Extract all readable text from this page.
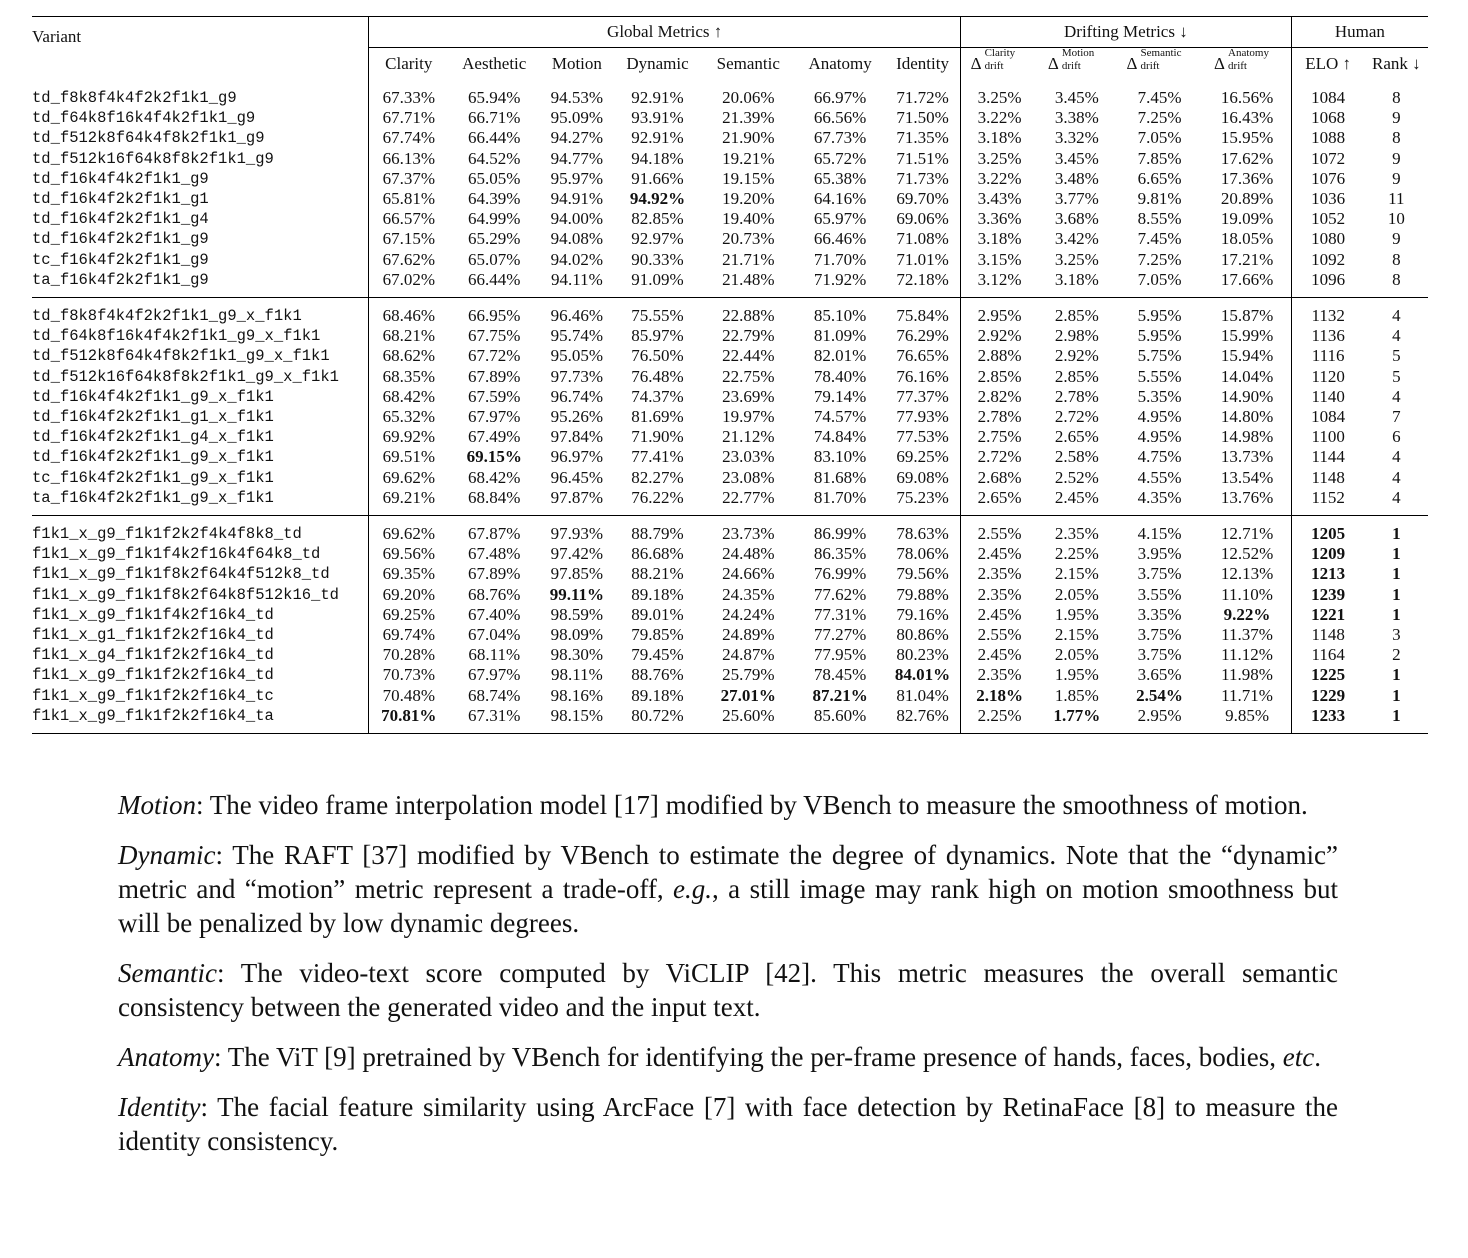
Variant	Global Metrics ↑							Drifting Metrics ↓				Human	
	Clarity	Aesthetic	Motion	Dynamic	Semantic	Anatomy	Identity	Δ
Clarity
drift	Δ
Motion
drift	Δ
Semantic
drift	Δ
Anatomy
drift	ELO ↑	Rank ↓
td_f8k8f4k4f2k2f1k1_g9	67.33%	65.94%	94.53%	92.91%	20.06%	66.97%	71.72%	3.25%	3.45%	7.45%	16.56%	1084	8
td_f64k8f16k4f4k2f1k1_g9	67.71%	66.71%	95.09%	93.91%	21.39%	66.56%	71.50%	3.22%	3.38%	7.25%	16.43%	1068	9
td_f512k8f64k4f8k2f1k1_g9	67.74%	66.44%	94.27%	92.91%	21.90%	67.73%	71.35%	3.18%	3.32%	7.05%	15.95%	1088	8
td_f512k16f64k8f8k2f1k1_g9	66.13%	64.52%	94.77%	94.18%	19.21%	65.72%	71.51%	3.25%	3.45%	7.85%	17.62%	1072	9
td_f16k4f4k2f1k1_g9	67.37%	65.05%	95.97%	91.66%	19.15%	65.38%	71.73%	3.22%	3.48%	6.65%	17.36%	1076	9
td_f16k4f2k2f1k1_g1	65.81%	64.39%	94.91%	94.92%	19.20%	64.16%	69.70%	3.43%	3.77%	9.81%	20.89%	1036	11
td_f16k4f2k2f1k1_g4	66.57%	64.99%	94.00%	82.85%	19.40%	65.97%	69.06%	3.36%	3.68%	8.55%	19.09%	1052	10
td_f16k4f2k2f1k1_g9	67.15%	65.29%	94.08%	92.97%	20.73%	66.46%	71.08%	3.18%	3.42%	7.45%	18.05%	1080	9
tc_f16k4f2k2f1k1_g9	67.62%	65.07%	94.02%	90.33%	21.71%	71.70%	71.01%	3.15%	3.25%	7.25%	17.21%	1092	8
ta_f16k4f2k2f1k1_g9	67.02%	66.44%	94.11%	91.09%	21.48%	71.92%	72.18%	3.12%	3.18%	7.05%	17.66%	1096	8
td_f8k8f4k4f2k2f1k1_g9_x_f1k1	68.46%	66.95%	96.46%	75.55%	22.88%	85.10%	75.84%	2.95%	2.85%	5.95%	15.87%	1132	4
td_f64k8f16k4f4k2f1k1_g9_x_f1k1	68.21%	67.75%	95.74%	85.97%	22.79%	81.09%	76.29%	2.92%	2.98%	5.95%	15.99%	1136	4
td_f512k8f64k4f8k2f1k1_g9_x_f1k1	68.62%	67.72%	95.05%	76.50%	22.44%	82.01%	76.65%	2.88%	2.92%	5.75%	15.94%	1116	5
td_f512k16f64k8f8k2f1k1_g9_x_f1k1	68.35%	67.89%	97.73%	76.48%	22.75%	78.40%	76.16%	2.85%	2.85%	5.55%	14.04%	1120	5
td_f16k4f4k2f1k1_g9_x_f1k1	68.42%	67.59%	96.74%	74.37%	23.69%	79.14%	77.37%	2.82%	2.78%	5.35%	14.90%	1140	4
td_f16k4f2k2f1k1_g1_x_f1k1	65.32%	67.97%	95.26%	81.69%	19.97%	74.57%	77.93%	2.78%	2.72%	4.95%	14.80%	1084	7
td_f16k4f2k2f1k1_g4_x_f1k1	69.92%	67.49%	97.84%	71.90%	21.12%	74.84%	77.53%	2.75%	2.65%	4.95%	14.98%	1100	6
td_f16k4f2k2f1k1_g9_x_f1k1	69.51%	69.15%	96.97%	77.41%	23.03%	83.10%	69.25%	2.72%	2.58%	4.75%	13.73%	1144	4
tc_f16k4f2k2f1k1_g9_x_f1k1	69.62%	68.42%	96.45%	82.27%	23.08%	81.68%	69.08%	2.68%	2.52%	4.55%	13.54%	1148	4
ta_f16k4f2k2f1k1_g9_x_f1k1	69.21%	68.84%	97.87%	76.22%	22.77%	81.70%	75.23%	2.65%	2.45%	4.35%	13.76%	1152	4
f1k1_x_g9_f1k1f2k2f4k4f8k8_td	69.62%	67.87%	97.93%	88.79%	23.73%	86.99%	78.63%	2.55%	2.35%	4.15%	12.71%	1205	1
f1k1_x_g9_f1k1f4k2f16k4f64k8_td	69.56%	67.48%	97.42%	86.68%	24.48%	86.35%	78.06%	2.45%	2.25%	3.95%	12.52%	1209	1
f1k1_x_g9_f1k1f8k2f64k4f512k8_td	69.35%	67.89%	97.85%	88.21%	24.66%	76.99%	79.56%	2.35%	2.15%	3.75%	12.13%	1213	1
f1k1_x_g9_f1k1f8k2f64k8f512k16_td	69.20%	68.76%	99.11%	89.18%	24.35%	77.62%	79.88%	2.35%	2.05%	3.55%	11.10%	1239	1
f1k1_x_g9_f1k1f4k2f16k4_td	69.25%	67.40%	98.59%	89.01%	24.24%	77.31%	79.16%	2.45%	1.95%	3.35%	9.22%	1221	1
f1k1_x_g1_f1k1f2k2f16k4_td	69.74%	67.04%	98.09%	79.85%	24.89%	77.27%	80.86%	2.55%	2.15%	3.75%	11.37%	1148	3
f1k1_x_g4_f1k1f2k2f16k4_td	70.28%	68.11%	98.30%	79.45%	24.87%	77.95%	80.23%	2.45%	2.05%	3.75%	11.12%	1164	2
f1k1_x_g9_f1k1f2k2f16k4_td	70.73%	67.97%	98.11%	88.76%	25.79%	78.45%	84.01%	2.35%	1.95%	3.65%	11.98%	1225	1
f1k1_x_g9_f1k1f2k2f16k4_tc	70.48%	68.74%	98.16%	89.18%	27.01%	87.21%	81.04%	2.18%	1.85%	2.54%	11.71%	1229	1
f1k1_x_g9_f1k1f2k2f16k4_ta	70.81%	67.31%	98.15%	80.72%	25.60%	85.60%	82.76%	2.25%	1.77%	2.95%	9.85%	1233	1

Motion: The video frame interpolation model [17] modified by VBench to measure the smoothness of motion.

Dynamic: The RAFT [37] modified by VBench to estimate the degree of dynamics. Note that the “dynamic” metric and “motion” metric represent a trade-off, e.g., a still image may rank high on motion smoothness but will be penalized by low dynamic degrees.

Semantic: The video-text score computed by ViCLIP [42]. This metric measures the overall semantic consistency between the generated video and the input text.

Anatomy: The ViT [9] pretrained by VBench for identifying the per-frame presence of hands, faces, bodies, etc.

Identity: The facial feature similarity using ArcFace [7] with face detection by RetinaFace [8] to measure the identity consistency.
